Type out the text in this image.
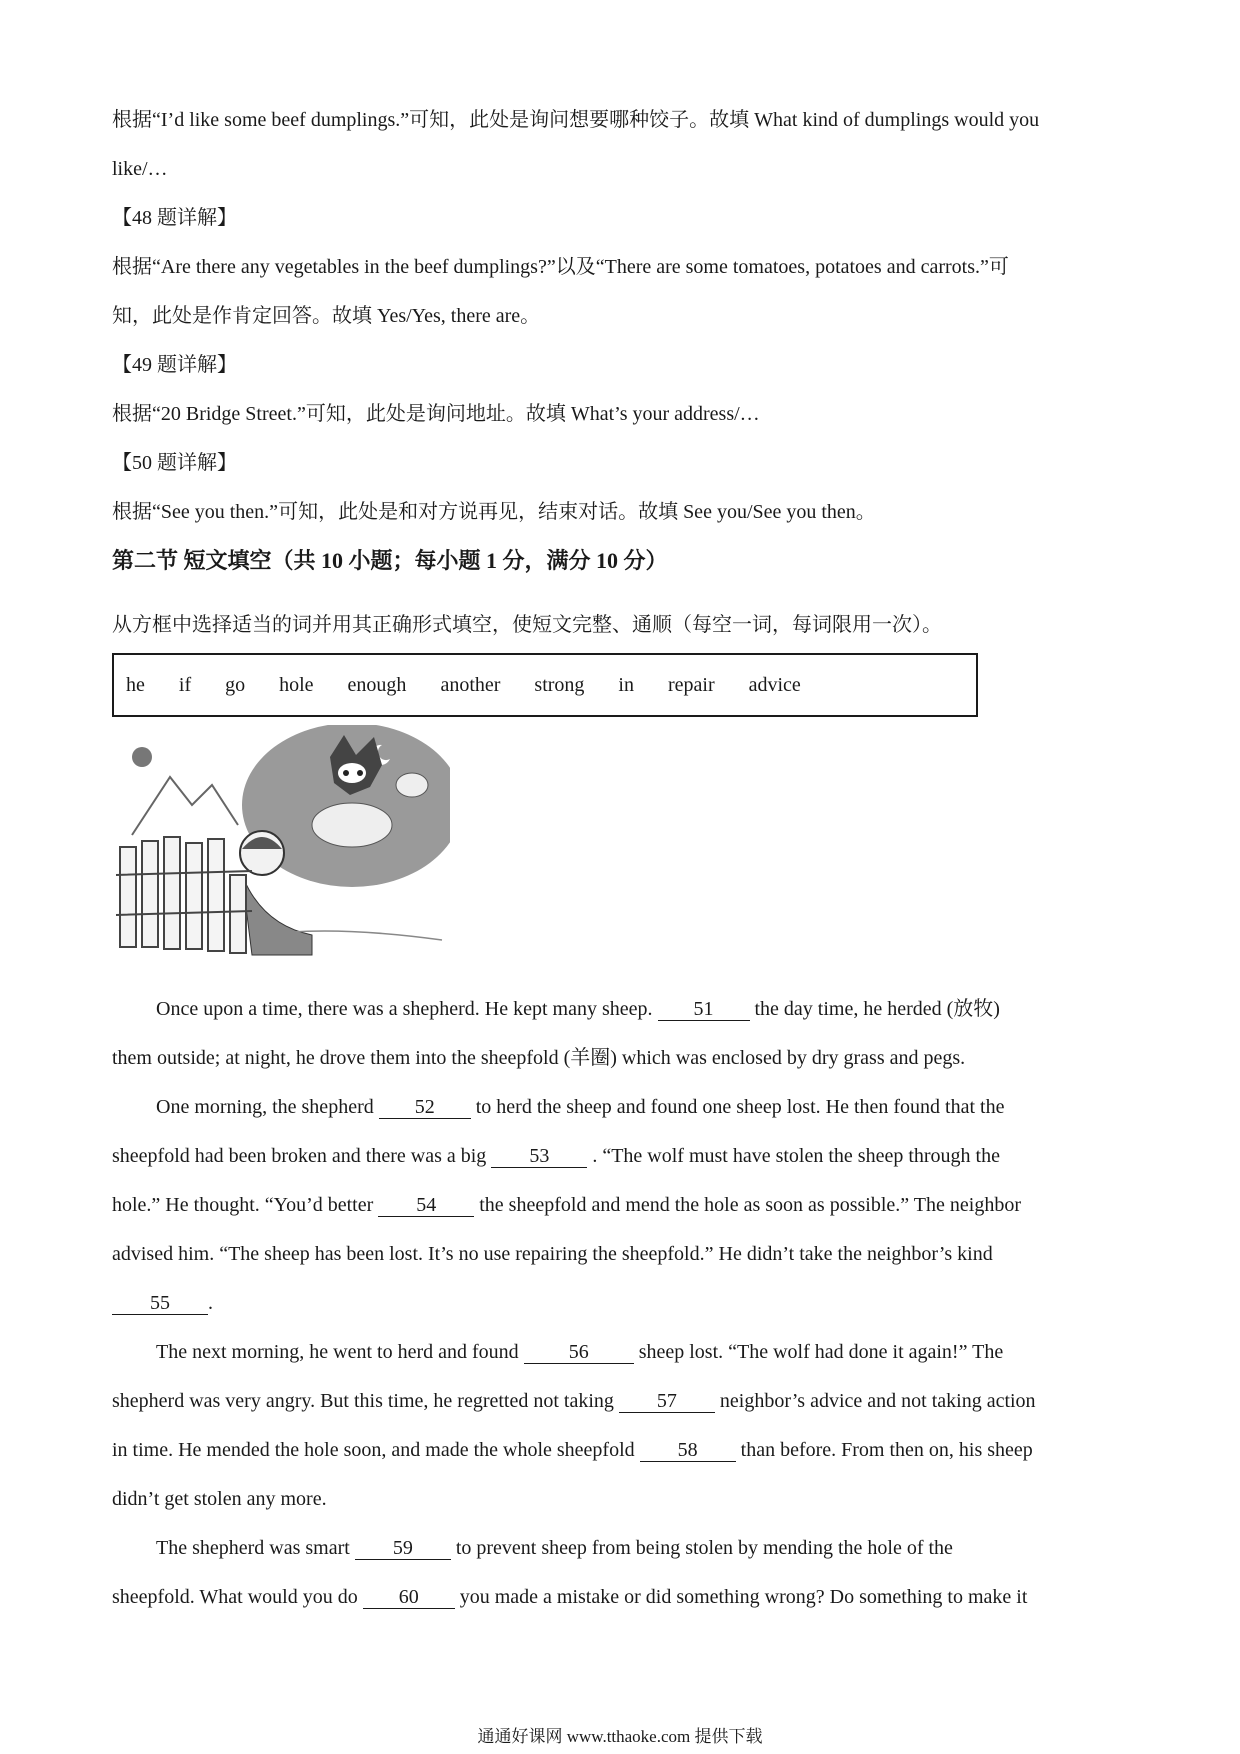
根据“I’d like some beef dumplings.”可知，此处是询问想要哪种饺子。故填 What kind of dumplings would you

like/…

【48 题详解】

根据“Are there any vegetables in the beef dumplings?”以及“There are some tomatoes, potatoes and carrots.”可

知，此处是作肯定回答。故填 Yes/Yes, there are。

【49 题详解】

根据“20 Bridge Street.”可知，此处是询问地址。故填 What’s your address/…

【50 题详解】

根据“See you then.”可知，此处是和对方说再见，结束对话。故填 See you/See you then。

第二节 短文填空（共 10 小题；每小题 1 分，满分 10 分）

从方框中选择适当的词并用其正确形式填空，使短文完整、通顺（每空一词，每词限用一次）。

he if go hole enough another strong in repair advice

Once upon a time, there was a shepherd. He kept many sheep. 51 the day time, he herded (放牧)

them outside; at night, he drove them into the sheepfold (羊圈) which was enclosed by dry grass and pegs.

One morning, the shepherd 52 to herd the sheep and found one sheep lost. He then found that the

sheepfold had been broken and there was a big 53 . “The wolf must have stolen the sheep through the

hole.” He thought. “You’d better 54 the sheepfold and mend the hole as soon as possible.” The neighbor

advised him. “The sheep has been lost. It’s no use repairing the sheepfold.” He didn’t take the neighbor’s kind

55 .

The next morning, he went to herd and found	56	sheep lost. “The wolf had done it again!” The

shepherd was very angry. But this time, he regretted not taking 57 neighbor’s advice and not taking action

in time. He mended the hole soon, and made the whole sheepfold 58 than before. From then on, his sheep

didn’t get stolen any more.

The shepherd was smart 59 to prevent sheep from being stolen by mending the hole of the

sheepfold. What would you do 60 you made a mistake or did something wrong? Do something to make it

通通好课网 www.tthaoke.com 提供下载
